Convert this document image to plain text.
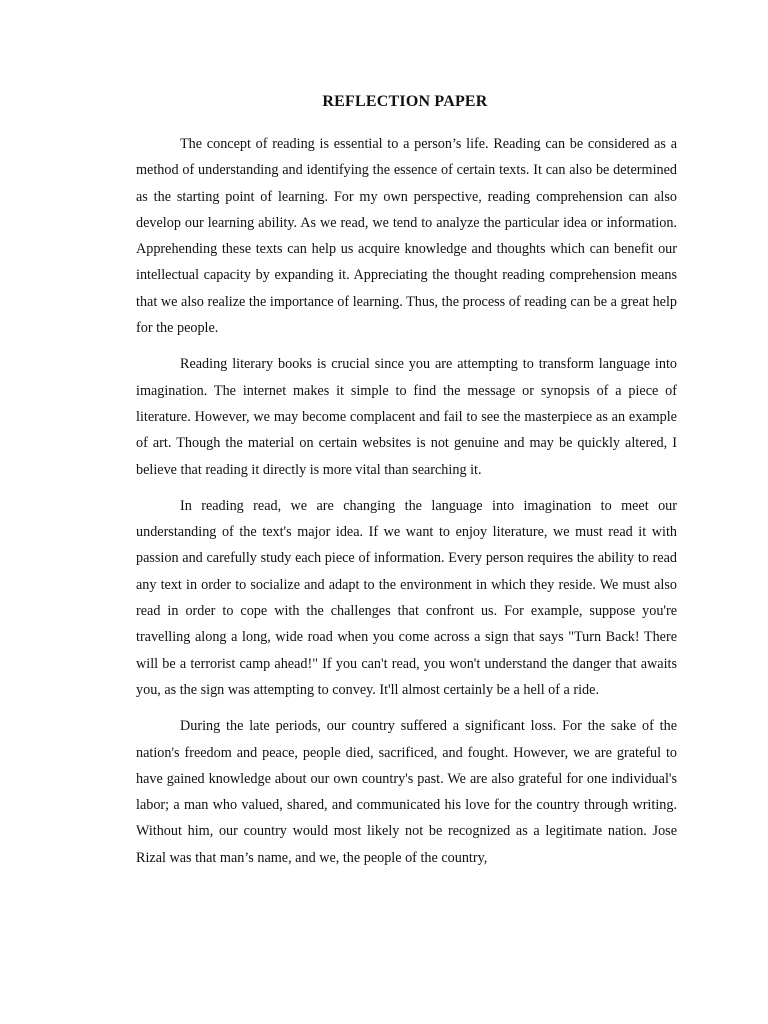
REFLECTION PAPER

The concept of reading is essential to a person’s life. Reading can be considered as a method of understanding and identifying the essence of certain texts. It can also be determined as the starting point of learning. For my own perspective, reading comprehension can also develop our learning ability. As we read, we tend to analyze the particular idea or information. Apprehending these texts can help us acquire knowledge and thoughts which can benefit our intellectual capacity by expanding it. Appreciating the thought reading comprehension means that we also realize the importance of learning. Thus, the process of reading can be a great help for the people.

Reading literary books is crucial since you are attempting to transform language into imagination. The internet makes it simple to find the message or synopsis of a piece of literature. However, we may become complacent and fail to see the masterpiece as an example of art. Though the material on certain websites is not genuine and may be quickly altered, I believe that reading it directly is more vital than searching it.

In reading read, we are changing the language into imagination to meet our understanding of the text's major idea. If we want to enjoy literature, we must read it with passion and carefully study each piece of information. Every person requires the ability to read any text in order to socialize and adapt to the environment in which they reside. We must also read in order to cope with the challenges that confront us. For example, suppose you're travelling along a long, wide road when you come across a sign that says "Turn Back! There will be a terrorist camp ahead!" If you can't read, you won't understand the danger that awaits you, as the sign was attempting to convey. It'll almost certainly be a hell of a ride.

During the late periods, our country suffered a significant loss. For the sake of the nation's freedom and peace, people died, sacrificed, and fought. However, we are grateful to have gained knowledge about our own country's past. We are also grateful for one individual's labor; a man who valued, shared, and communicated his love for the country through writing. Without him, our country would most likely not be recognized as a legitimate nation. Jose Rizal was that man’s name, and we, the people of the country,
